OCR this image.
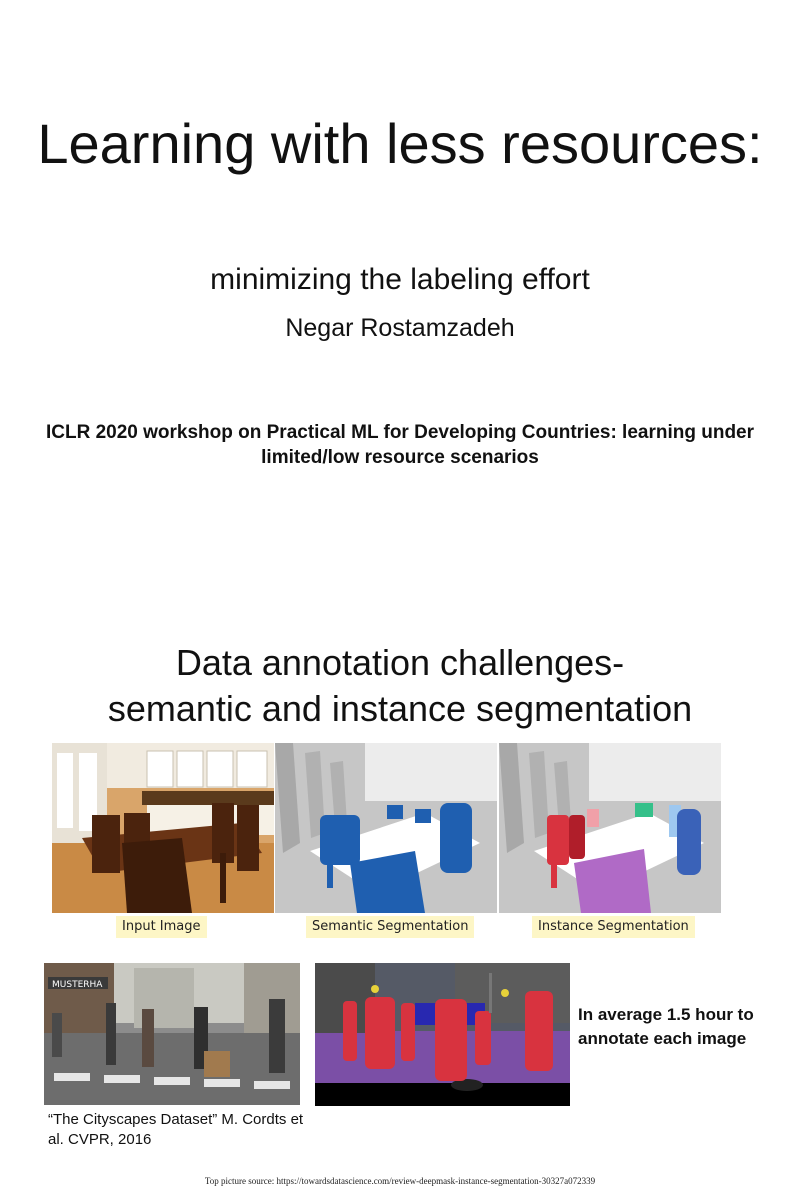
Learning with less resources:
minimizing the labeling effort
Negar Rostamzadeh
ICLR 2020 workshop on Practical ML for Developing Countries: learning under limited/low resource scenarios
Data annotation challenges-
semantic and instance segmentation
Input Image	Semantic Segmentation	Instance Segmentation
MUSTERHA
In average 1.5 hour to annotate each image
“The Cityscapes Dataset” M. Cordts et al. CVPR, 2016
Top picture source: https://towardsdatascience.com/review-deepmask-instance-segmentation-30327a072339
